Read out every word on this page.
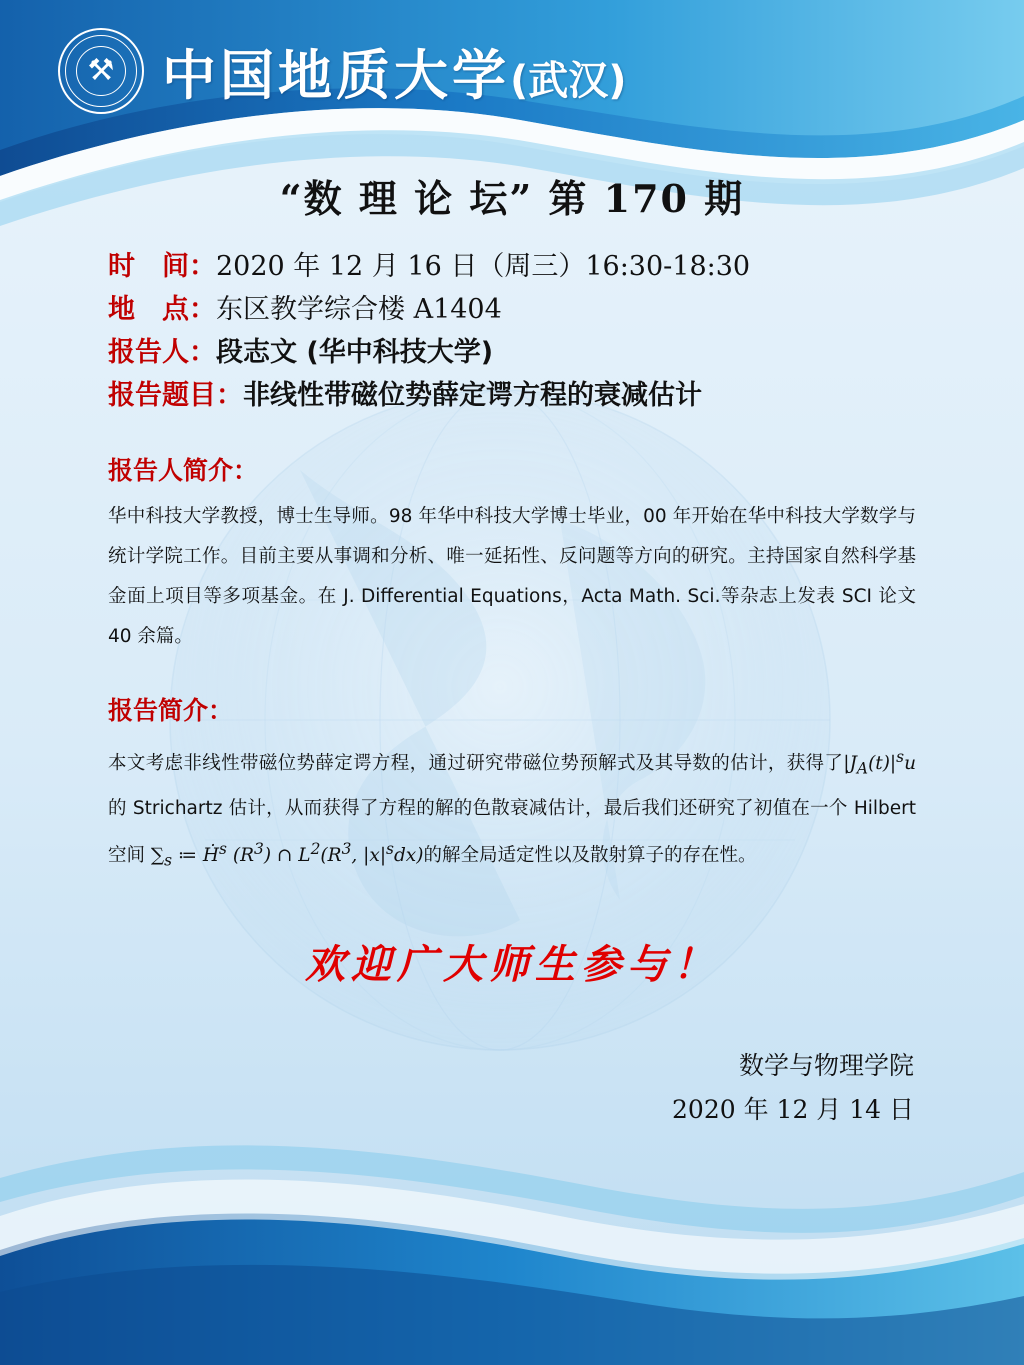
⚒ 中国地质大学(武汉)
“数 理 论 坛” 第 170 期
时　间：2020 年 12 月 16 日（周三）16:30-18:30
地　点：东区教学综合楼 A1404
报告人：段志文 (华中科技大学)
报告题目：非线性带磁位势薛定谔方程的衰减估计
报告人简介：

华中科技大学教授，博士生导师。98 年华中科技大学博士毕业，00 年开始在华中科技大学数学与统计学院工作。目前主要从事调和分析、唯一延拓性、反问题等方向的研究。主持国家自然科学基金面上项目等多项基金。在 J. Differential Equations，Acta Math. Sci.等杂志上发表 SCI 论文 40 余篇。

报告简介：

本文考虑非线性带磁位势薛定谔方程，通过研究带磁位势预解式及其导数的估计，获得了$|J_A(t)|^su$的 Strichartz 估计，从而获得了方程的解的色散衰减估计，最后我们还研究了初值在一个 Hilbert 空间 $\sum_s$ ≔ Ḣ$^s$ $(R^3)$ ∩ $L^2(R^3$, $|x|^sdx$)的解全局适定性以及散射算子的存在性。

欢迎广大师生参与！
数学与物理学院
2020 年 12 月 14 日
